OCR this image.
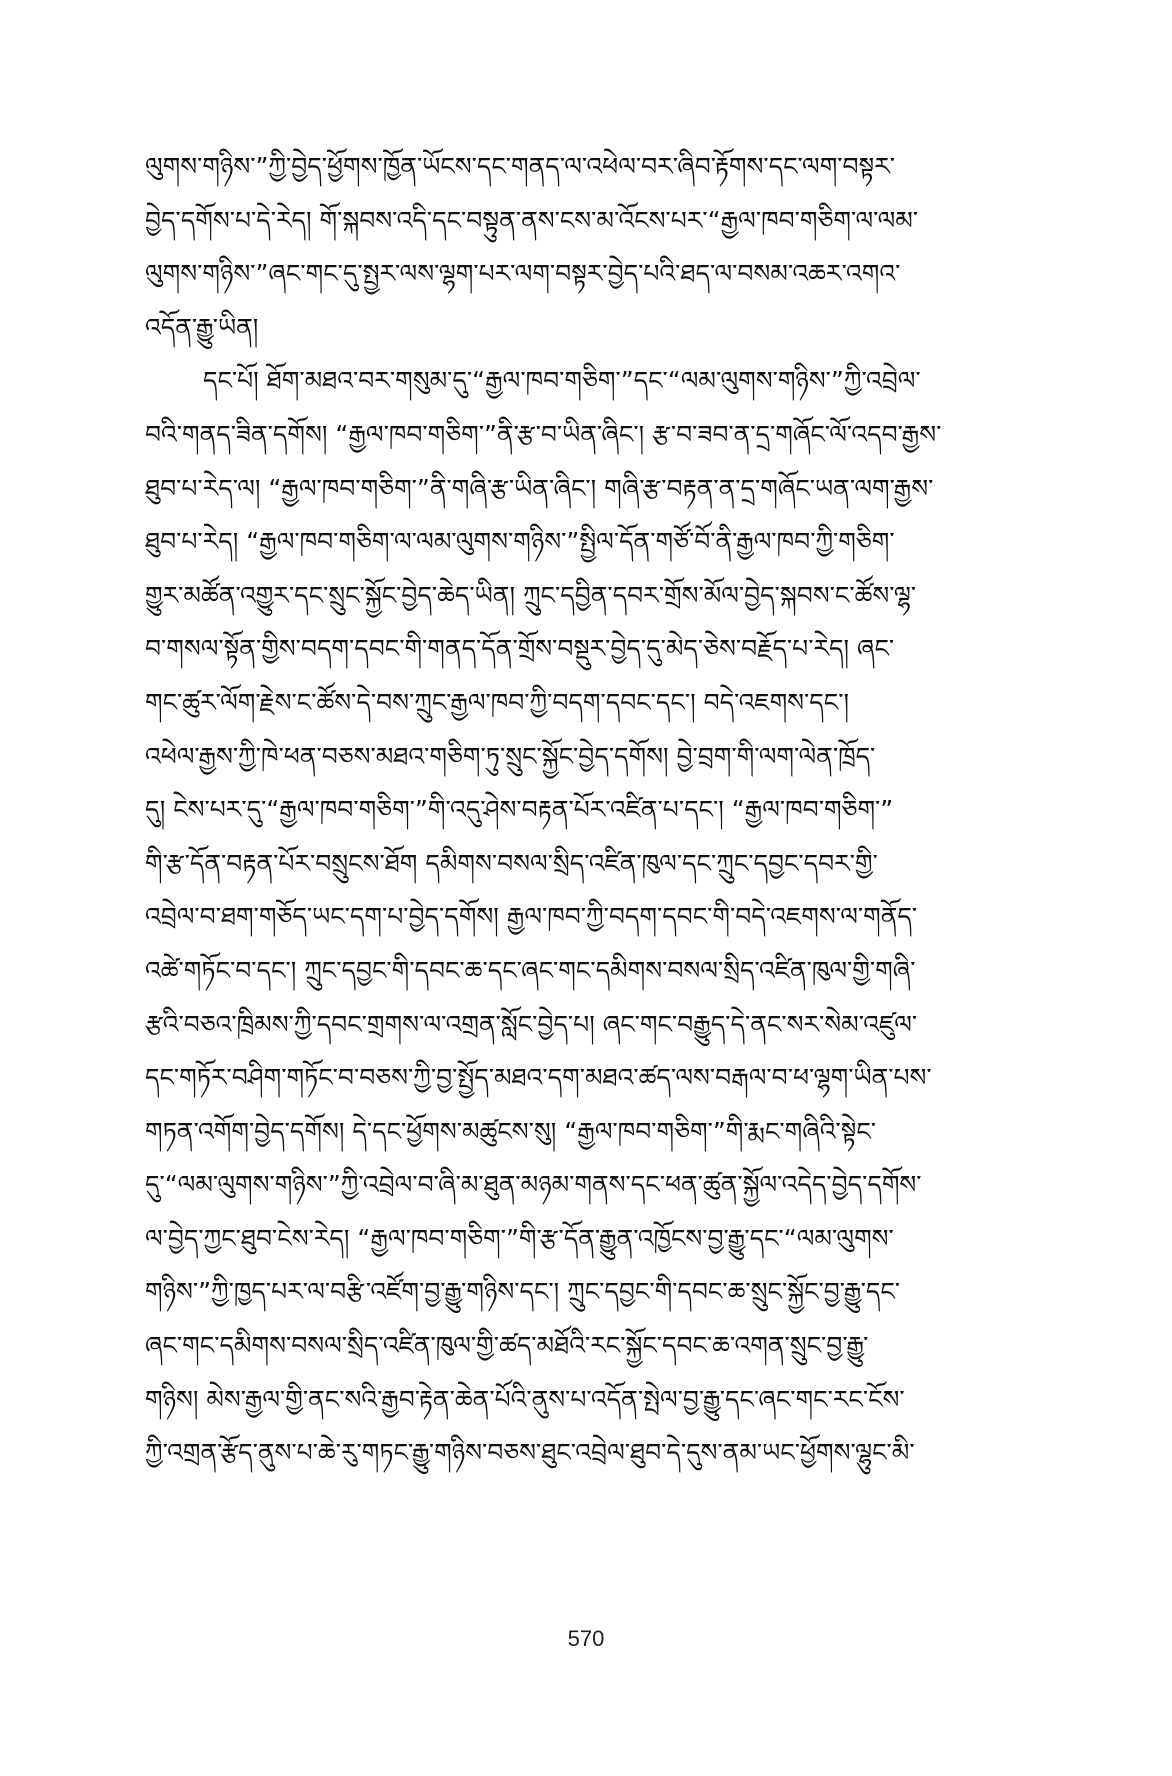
ལུགས་གཉིས་”ཀྱི་བྱེད་ཕྱོགས་ཁྱོན་ཡོངས་དང་གནད་ལ་འཕེལ་བར་ཞིབ་རྟོགས་དང་ལག་བསྟར་
བྱེད་དགོས་པ་དེ་རེད། གོ་སྐབས་འདི་དང་བསྟུན་ནས་ངས་མ་འོངས་པར་“རྒྱལ་ཁབ་གཅིག་ལ་ལམ་
ལུགས་གཉིས་”ཞང་གང་དུ་སྤྱར་ལས་ལྷག་པར་ལག་བསྟར་བྱེད་པའི་ཐད་ལ་བསམ་འཆར་འགའ་
འདོན་རྒྱུ་ཡིན།
དང་པོ། ཐོག་མཐའ་བར་གསུམ་དུ་“རྒྱལ་ཁབ་གཅིག་”དང་“ལམ་ལུགས་གཉིས་”ཀྱི་འབྲེལ་
བའི་གནད་ཟིན་དགོས། “རྒྱལ་ཁབ་གཅིག་”ནི་རྩ་བ་ཡིན་ཞིང་། རྩ་བ་ཟབ་ན་དྲ་གཞོང་ལོ་འདབ་རྒྱས་
ཐུབ་པ་རེད་ལ། “རྒྱལ་ཁབ་གཅིག་”ནི་གཞི་རྩ་ཡིན་ཞིང་། གཞི་རྩ་བརྟན་ན་དྲ་གཞོང་ཡན་ལག་རྒྱས་
ཐུབ་པ་རེད། “རྒྱལ་ཁབ་གཅིག་ལ་ལམ་ལུགས་གཉིས་”སྤྱིལ་དོན་གཙོ་བོ་ནི་རྒྱལ་ཁབ་ཀྱི་གཅིག་
གྱུར་མཚོན་འགྱུར་དང་སྲུང་སྐྱོང་བྱེད་ཆེད་ཡིན། ཀྲུང་དབྱིན་དབར་གྲོས་མོལ་བྱེད་སྐབས་ང་ཚོས་ལྷ་
བ་གསལ་སྟོན་གྱིས་བདག་དབང་གི་གནད་དོན་གྲོས་བསྡུར་བྱེད་དུ་མེད་ཅེས་བརྗོད་པ་རེད། ཞང་
གང་ཚུར་ལོག་རྗེས་ང་ཚོས་དེ་བས་ཀྲུང་རྒྱལ་ཁབ་ཀྱི་བདག་དབང་དང་། བདེ་འཇགས་དང་།
འཕེལ་རྒྱས་ཀྱི་ཁེ་ཕན་བཅས་མཐའ་གཅིག་ཏུ་སྲུང་སྐྱོང་བྱེད་དགོས། བྱེ་བྲག་གི་ལག་ལེན་ཁྲོད་
དུ། ངེས་པར་དུ་“རྒྱལ་ཁབ་གཅིག་”གི་འདུ་ཤེས་བརྟན་པོར་འཛིན་པ་དང་། “རྒྱལ་ཁབ་གཅིག་”
གི་རྩ་དོན་བརྟན་པོར་བསྲུངས་ཐོག དམིགས་བསལ་སྲིད་འཛིན་ཁུལ་དང་ཀྲུང་དབྱང་དབར་གྱི་
འབྲེལ་བ་ཐག་གཅོད་ཡང་དག་པ་བྱེད་དགོས། རྒྱལ་ཁབ་ཀྱི་བདག་དབང་གི་བདེ་འཇགས་ལ་གནོད་
འཚེ་གཏོང་བ་དང་། ཀྲུང་དབྱང་གི་དབང་ཆ་དང་ཞང་གང་དམིགས་བསལ་སྲིད་འཛིན་ཁུལ་གྱི་གཞི་
རྩའི་བཅའ་ཁྲིམས་ཀྱི་དབང་གྲགས་ལ་འགྲན་སློང་བྱེད་པ། ཞང་གང་བརྒྱུད་དེ་ནང་སར་སེམ་འཛུལ་
དང་གཏོར་བཤིག་གཏོང་བ་བཅས་ཀྱི་བྱ་སྤྱོད་མཐའ་དག་མཐའ་ཚད་ལས་བརྒལ་བ་ཕ་ལྷག་ཡིན་པས་
གཏན་འགོག་བྱེད་དགོས། དེ་དང་ཕྱོགས་མཚུངས་སུ། “རྒྱལ་ཁབ་གཅིག་”གི་རྨང་གཞིའི་སྟེང་
དུ་“ལམ་ལུགས་གཉིས་”ཀྱི་འབྲེལ་བ་ཞི་མ་ཐུན་མཉམ་གནས་དང་ཕན་ཚུན་སྐྱོལ་འདེད་བྱེད་དགོས་
ལ་བྱེད་ཀྱང་ཐུབ་ངེས་རེད། “རྒྱལ་ཁབ་གཅིག་”གི་རྩ་དོན་རྒྱུན་འཁྱོངས་བྱ་རྒྱུ་དང་“ལམ་ལུགས་
གཉིས་”ཀྱི་ཁྱད་པར་ལ་བརྩི་འཛོག་བྱ་རྒྱུ་གཉིས་དང་། ཀྲུང་དབྱང་གི་དབང་ཆ་སྲུང་སྐྱོང་བྱ་རྒྱུ་དང་
ཞང་གང་དམིགས་བསལ་སྲིད་འཛིན་ཁུལ་གྱི་ཚད་མཐོའི་རང་སྐྱོང་དབང་ཆ་འགན་སྲུང་བྱ་རྒྱུ་
གཉིས། མེས་རྒྱལ་གྱི་ནང་སའི་རྒྱབ་རྟེན་ཆེན་པོའི་ནུས་པ་འདོན་སྤེལ་བྱ་རྒྱུ་དང་ཞང་གང་རང་ངོས་
ཀྱི་འགྲན་རྩོད་ནུས་པ་ཆེ་རུ་གཏང་རྒྱུ་གཉིས་བཅས་ཐུང་འབྲེལ་ཐུབ་དེ་དུས་ནམ་ཡང་ཕྱོགས་ལྷུང་མི་
570
